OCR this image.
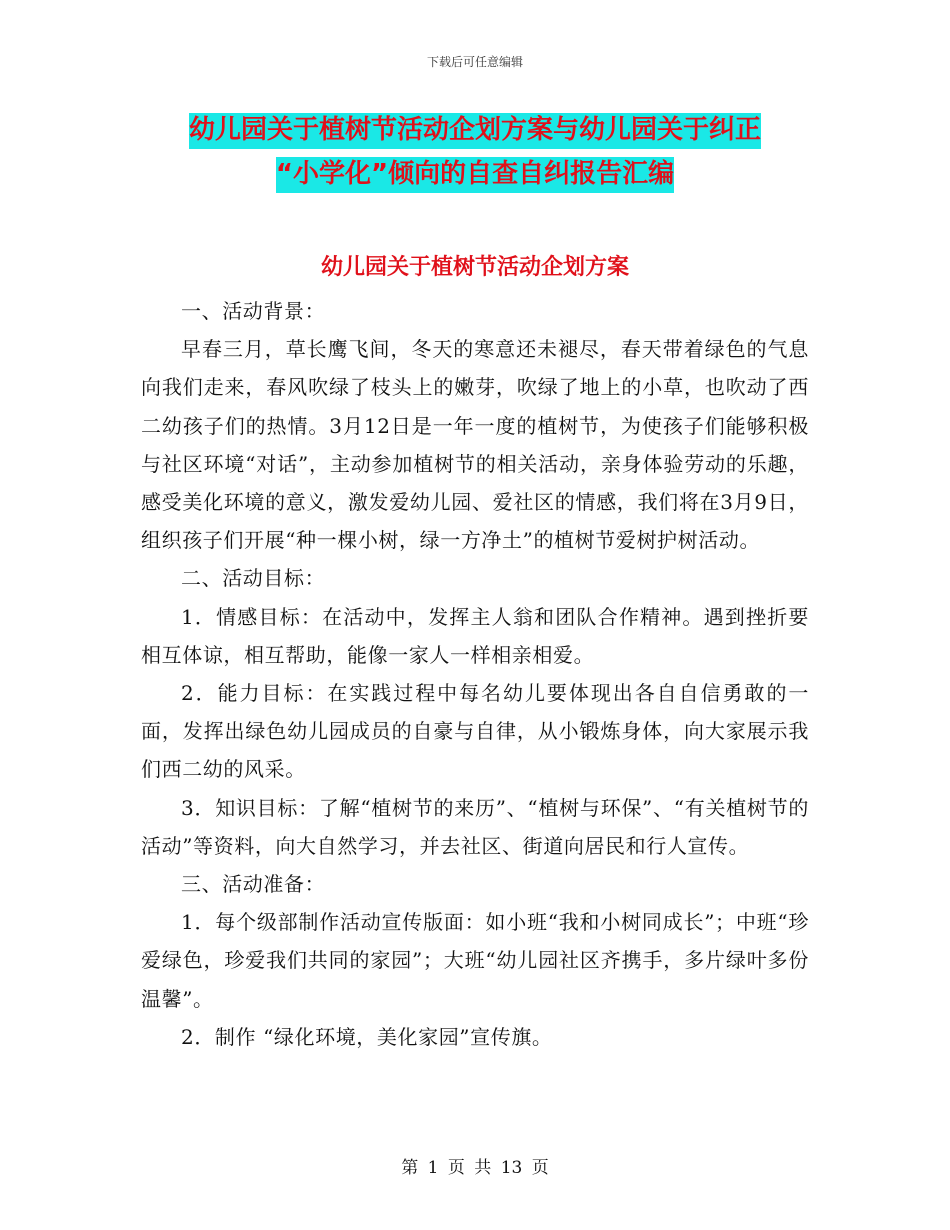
下载后可任意编辑
幼儿园关于植树节活动企划方案与幼儿园关于纠正
“小学化”倾向的自查自纠报告汇编
幼儿园关于植树节活动企划方案

一、活动背景：

早春三月，草长鹰飞间，冬天的寒意还未褪尽，春天带着绿色的气息向我们走来，春风吹绿了枝头上的嫩芽，吹绿了地上的小草，也吹动了西二幼孩子们的热情。3月12日是一年一度的植树节，为使孩子们能够积极与社区环境“对话”，主动参加植树节的相关活动，亲身体验劳动的乐趣，感受美化环境的意义，激发爱幼儿园、爱社区的情感，我们将在3月9日，组织孩子们开展“种一棵小树，绿一方净土”的植树节爱树护树活动。

二、活动目标：

1．情感目标：在活动中，发挥主人翁和团队合作精神。遇到挫折要相互体谅，相互帮助，能像一家人一样相亲相爱。

2．能力目标：在实践过程中每名幼儿要体现出各自自信勇敢的一面，发挥出绿色幼儿园成员的自豪与自律，从小锻炼身体，向大家展示我们西二幼的风采。

3．知识目标：了解“植树节的来历”、“植树与环保”、“有关植树节的活动”等资料，向大自然学习，并去社区、街道向居民和行人宣传。

三、活动准备：

1．每个级部制作活动宣传版面：如小班“我和小树同成长”；中班“珍爱绿色，珍爱我们共同的家园”；大班“幼儿园社区齐携手，多片绿叶多份温馨”。

2．制作 “绿化环境，美化家园”宣传旗。

第 1 页 共 13 页
